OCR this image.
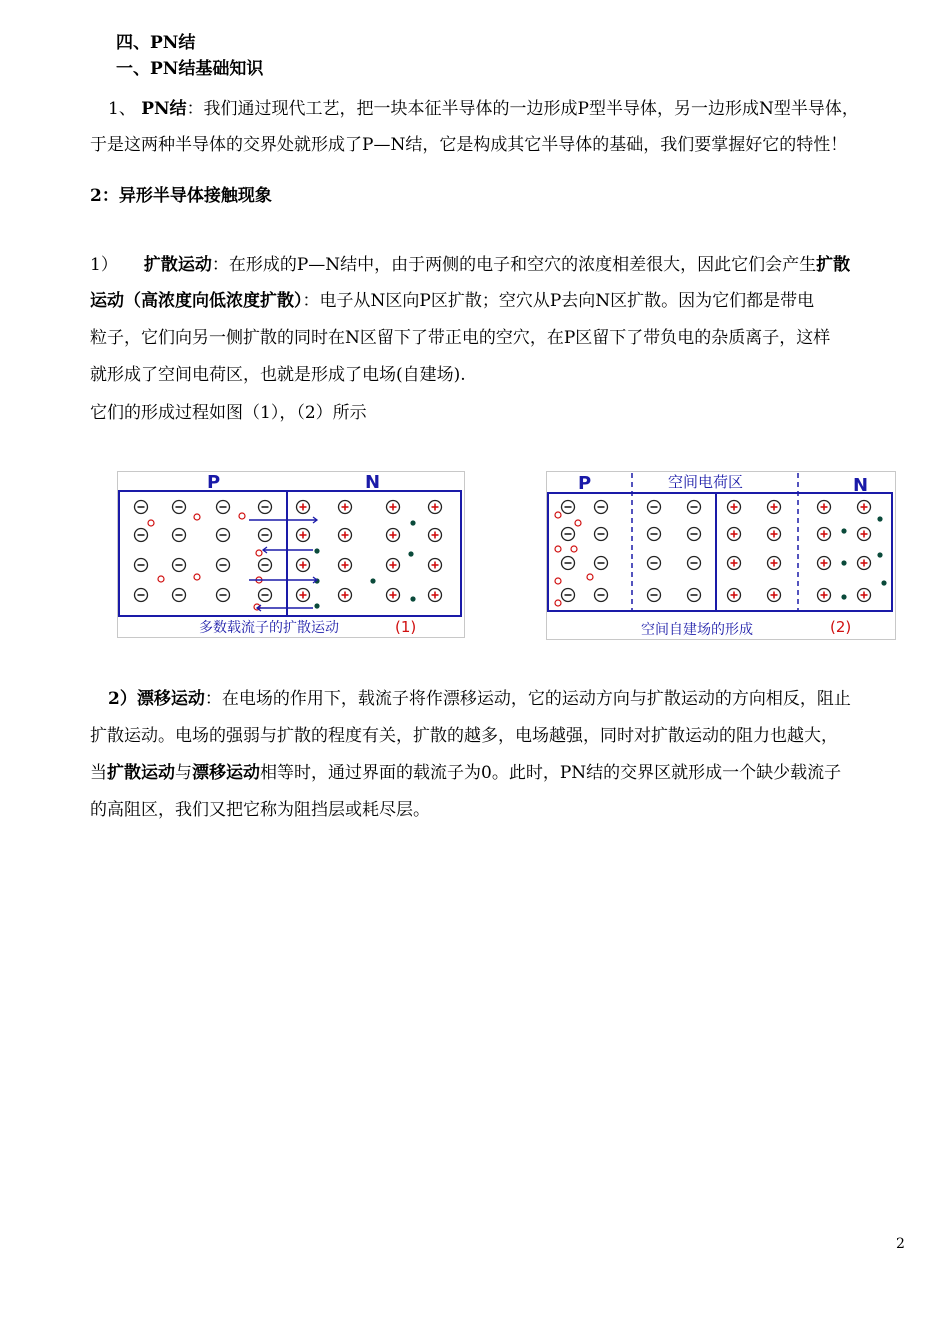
四、PN结
一、PN结基础知识
1、 PN结：我们通过现代工艺，把一块本征半导体的一边形成P型半导体，另一边形成N型半导体，
于是这两种半导体的交界处就形成了P—N结，它是构成其它半导体的基础，我们要掌握好它的特性！
2：异形半导体接触现象
1） 扩散运动：在形成的P—N结中，由于两侧的电子和空穴的浓度相差很大，因此它们会产生扩散
运动（高浓度向低浓度扩散）：电子从N区向P区扩散；空穴从P去向N区扩散。因为它们都是带电
粒子，它们向另一侧扩散的同时在N区留下了带正电的空穴，在P区留下了带负电的杂质离子，这样
就形成了空间电荷区，也就是形成了电场(自建场).
它们的形成过程如图（1），（2）所示
P	N
多数载流子的扩散运动	(1)
P	空间电荷区	N
空间自建场的形成	(2)
2）漂移运动：在电场的作用下，载流子将作漂移运动，它的运动方向与扩散运动的方向相反，阻止
扩散运动。电场的强弱与扩散的程度有关，扩散的越多，电场越强，同时对扩散运动的阻力也越大，
当扩散运动与漂移运动相等时，通过界面的载流子为0。此时，PN结的交界区就形成一个缺少载流子
的高阻区，我们又把它称为阻挡层或耗尽层。
2
